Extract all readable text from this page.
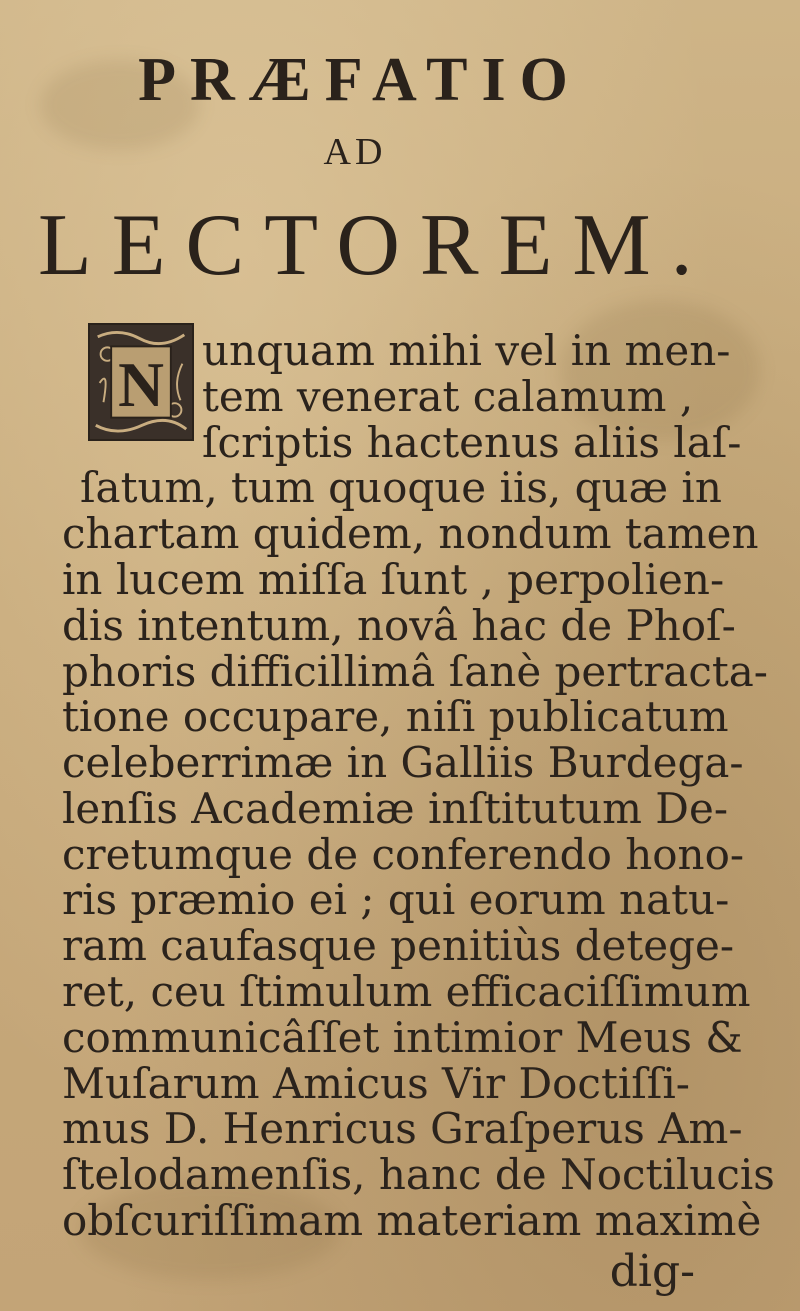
PRÆFATIO
AD
LECTOREM.
N unquam mihi vel in men-
tem venerat calamum ,
ſcriptis hactenus aliis laſ-
ſatum, tum quoque iis, quæ in
chartam quidem, nondum tamen
in lucem miſſa ſunt , perpolien-
dis intentum, novâ hac de Phoſ-
phoris difficillimâ ſanè pertracta-
tione occupare, niſi publicatum
celeberrimæ in Galliis Burdega-
lenſis Academiæ inſtitutum De-
cretumque de conferendo hono-
ris præmio ei ; qui eorum natu-
ram caufasque penitiùs detege-
ret, ceu ſtimulum efficaciſſimum
communicâſſet intimior Meus &
Muſarum Amicus Vir Doctiſſi-
mus D. Henricus Graſperus Am-
ſtelodamenſis, hanc de Noctilucis
obſcuriſſimam materiam maximè
dig-
